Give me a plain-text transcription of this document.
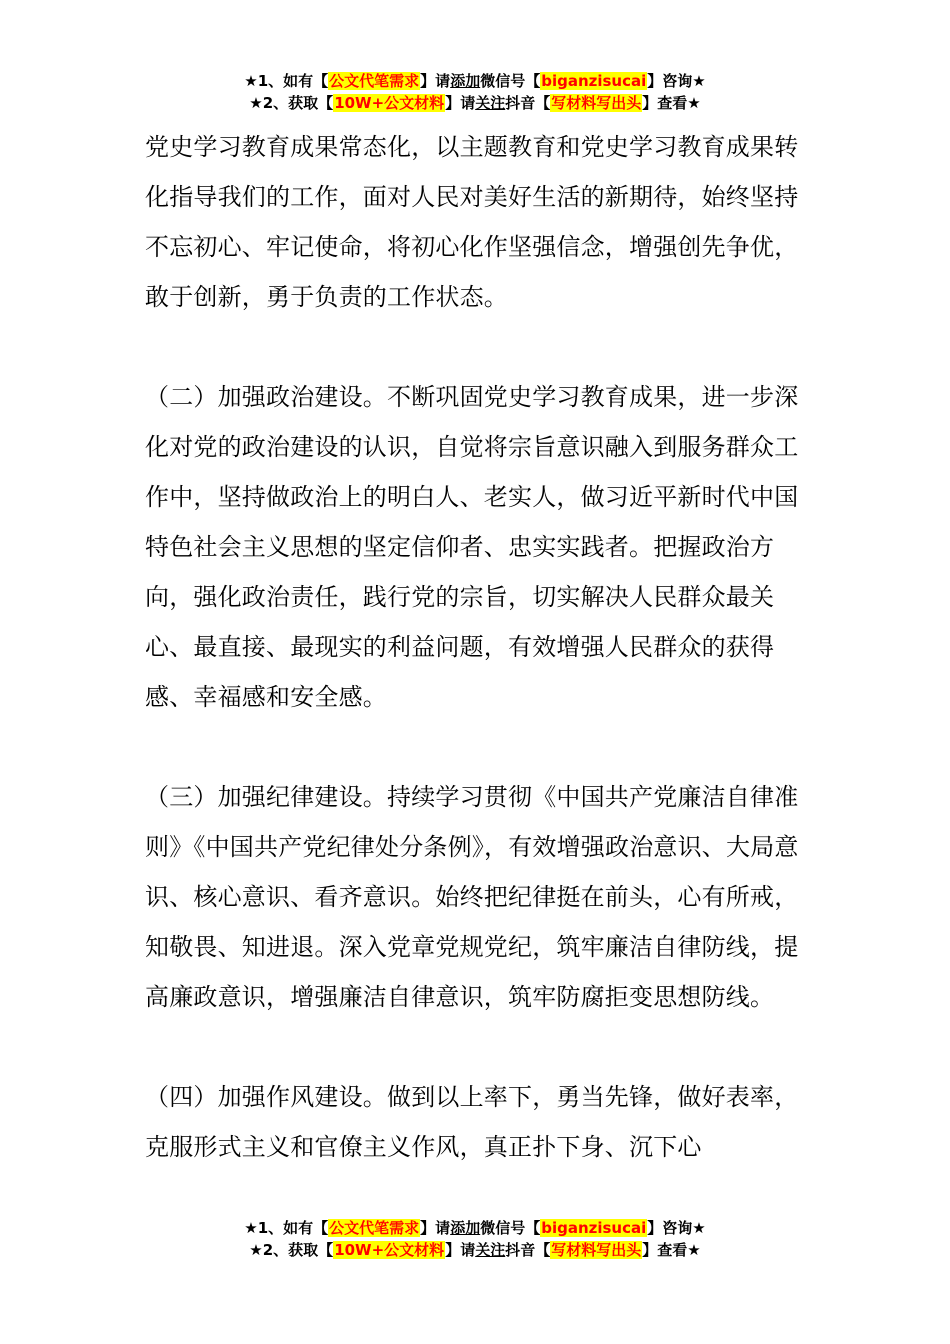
★1、如有【公文代笔需求】请添加微信号【biganzisucai】咨询★
★2、获取【10W+公文材料】请关注抖音【写材料写出头】查看★

党史学习教育成果常态化，以主题教育和党史学习教育成果转化指导我们的工作，面对人民对美好生活的新期待，始终坚持不忘初心、牢记使命，将初心化作坚强信念，增强创先争优，敢于创新，勇于负责的工作状态。

（二）加强政治建设。不断巩固党史学习教育成果，进一步深化对党的政治建设的认识，自觉将宗旨意识融入到服务群众工作中，坚持做政治上的明白人、老实人，做习近平新时代中国特色社会主义思想的坚定信仰者、忠实实践者。把握政治方向，强化政治责任，践行党的宗旨，切实解决人民群众最关心、最直接、最现实的利益问题，有效增强人民群众的获得感、幸福感和安全感。

（三）加强纪律建设。持续学习贯彻《中国共产党廉洁自律准则》《中国共产党纪律处分条例》，有效增强政治意识、大局意识、核心意识、看齐意识。始终把纪律挺在前头，心有所戒，知敬畏、知进退。深入党章党规党纪，筑牢廉洁自律防线，提高廉政意识，增强廉洁自律意识，筑牢防腐拒变思想防线。

（四）加强作风建设。做到以上率下，勇当先锋，做好表率，克服形式主义和官僚主义作风，真正扑下身、沉下心

★1、如有【公文代笔需求】请添加微信号【biganzisucai】咨询★
★2、获取【10W+公文材料】请关注抖音【写材料写出头】查看★
